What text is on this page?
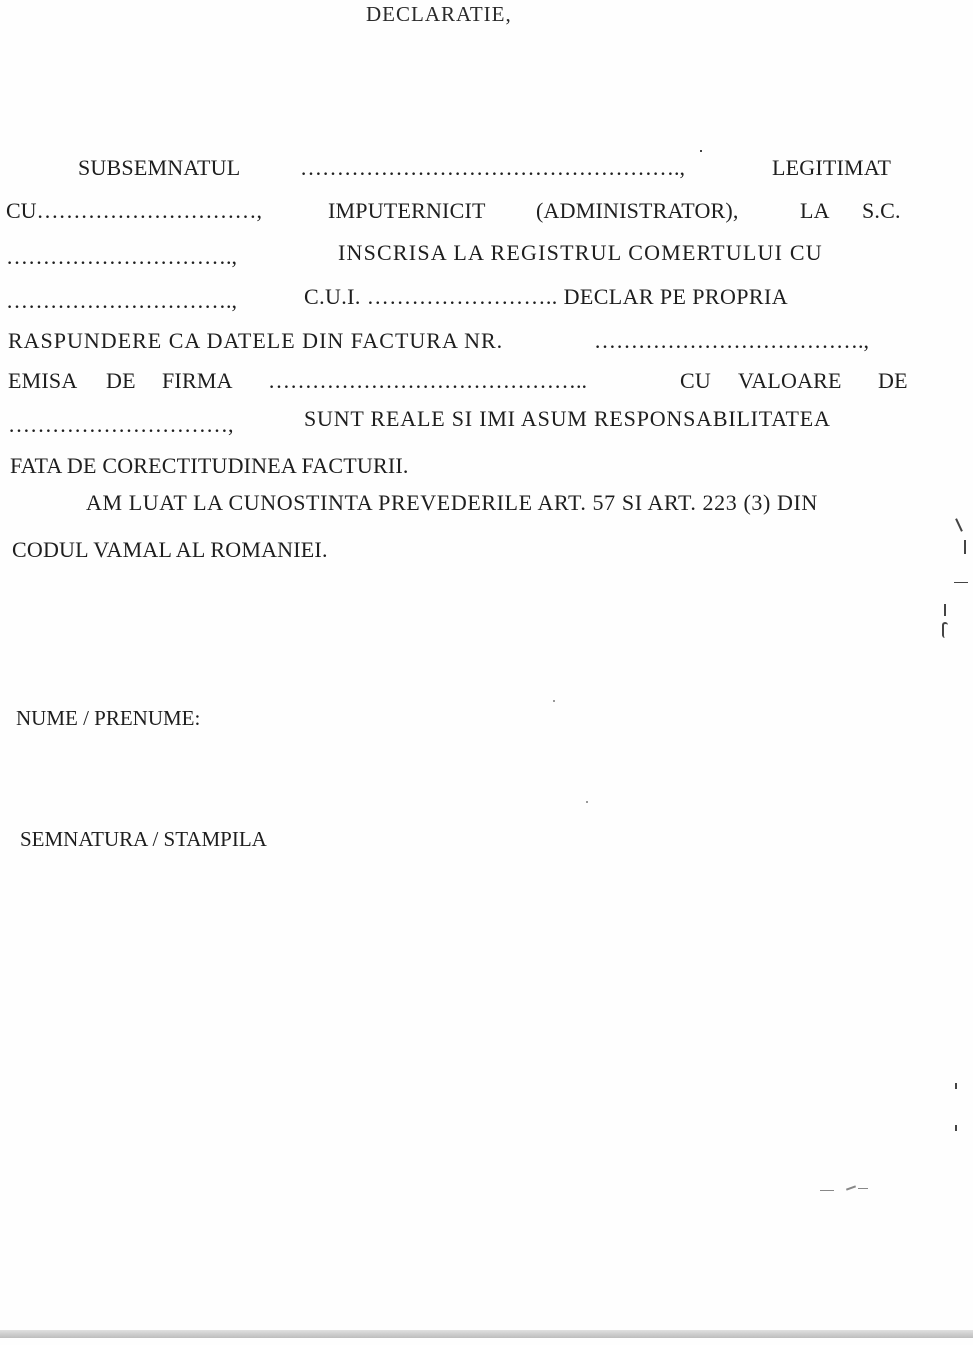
DECLARATIE,
SUBSEMNATUL	…………………………………………….,	LEGITIMAT
CU…………………………,	IMPUTERNICIT (ADMINISTRATOR),	LA S.C.
………………………….,	INSCRISA LA REGISTRUL COMERTULUI CU
………………………….,	C.U.I. …………………….. DECLAR PE PROPRIA
RASPUNDERE CA DATELE DIN FACTURA NR.	……………………………….,
EMISA DE FIRMA ……………………………………..	CU VALOARE DE
…………………………,	SUNT REALE SI IMI ASUM RESPONSABILITATEA
FATA DE CORECTITUDINEA FACTURII.
AM LUAT LA CUNOSTINTA PREVEDERILE ART. 57 SI ART. 223 (3) DIN
CODUL VAMAL AL ROMANIEI.
NUME / PRENUME:
SEMNATURA / STAMPILA
